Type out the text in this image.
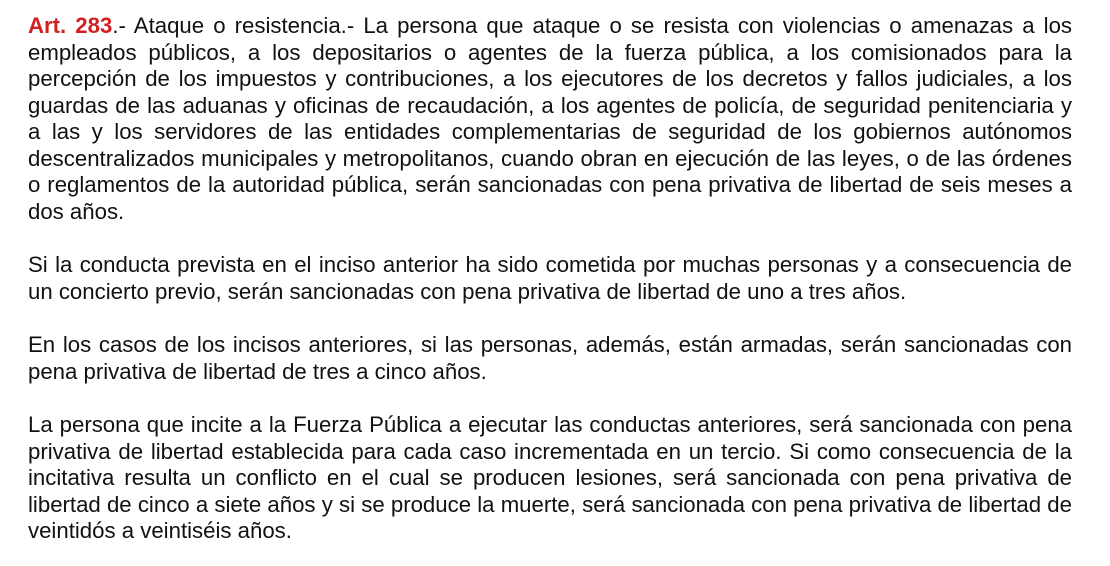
Art. 283.- Ataque o resistencia.- La persona que ataque o se resista con violencias o amenazas a los empleados públicos, a los depositarios o agentes de la fuerza pública, a los comisionados para la percepción de los impuestos y contribuciones, a los ejecutores de los decretos y fallos judiciales, a los guardas de las aduanas y oficinas de recaudación, a los agentes de policía, de seguridad penitenciaria y a las y los servidores de las entidades complementarias de seguridad de los gobiernos autónomos descentralizados municipales y metropolitanos, cuando obran en ejecución de las leyes, o de las órdenes o reglamentos de la autoridad pública, serán sancionadas con pena privativa de libertad de seis meses a dos años.

Si la conducta prevista en el inciso anterior ha sido cometida por muchas personas y a consecuencia de un concierto previo, serán sancionadas con pena privativa de libertad de uno a tres años.

En los casos de los incisos anteriores, si las personas, además, están armadas, serán sancionadas con pena privativa de libertad de tres a cinco años.

La persona que incite a la Fuerza Pública a ejecutar las conductas anteriores, será sancionada con pena privativa de libertad establecida para cada caso incrementada en un tercio. Si como consecuencia de la incitativa resulta un conflicto en el cual se producen lesiones, será sancionada con pena privativa de libertad de cinco a siete años y si se produce la muerte, será sancionada con pena privativa de libertad de veintidós a veintiséis años.
